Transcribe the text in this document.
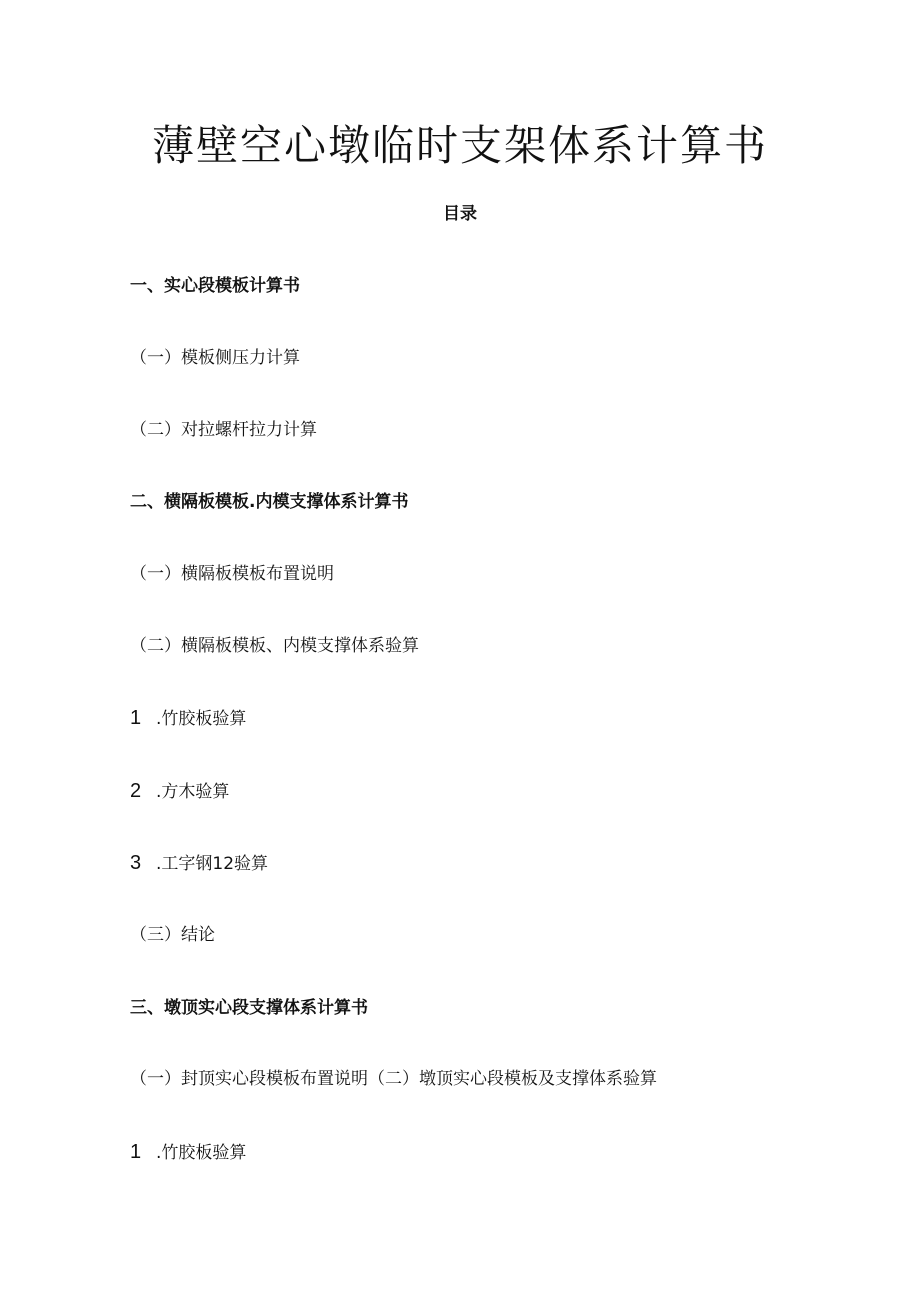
薄壁空心墩临时支架体系计算书
目录
一、实心段模板计算书
（一）模板侧压力计算
（二）对拉螺杆拉力计算
二、横隔板模板.内模支撑体系计算书
（一）横隔板模板布置说明
（二）横隔板模板、内模支撑体系验算
1 .竹胶板验算
2 .方木验算
3 .工字钢12验算
（三）结论
三、墩顶实心段支撑体系计算书
（一）封顶实心段模板布置说明（二）墩顶实心段模板及支撑体系验算
1 .竹胶板验算
